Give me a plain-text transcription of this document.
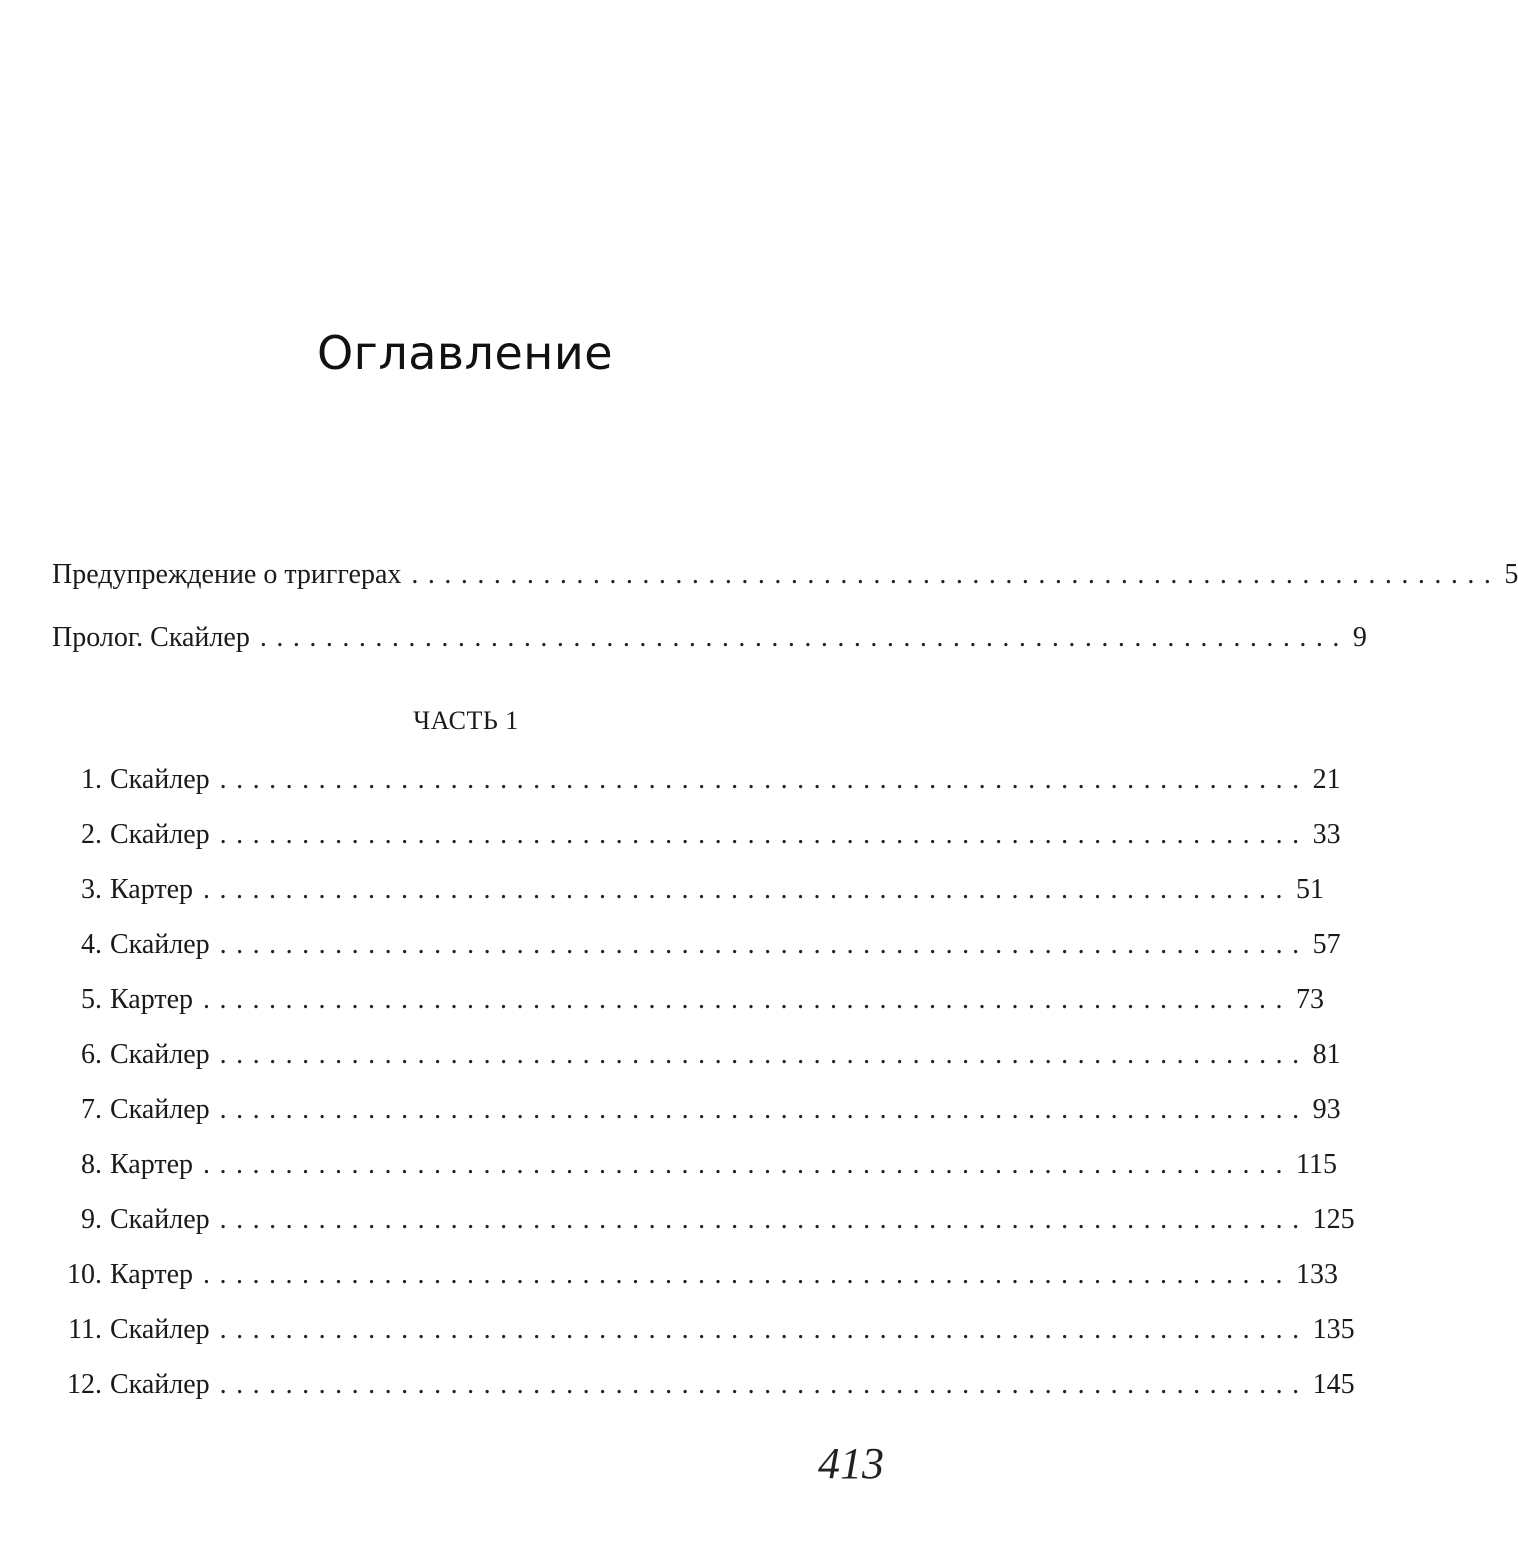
Оглавление
Предупреждение о триггерах .................................................................. 5
Пролог. Скайлер .................................................................. 9
ЧАСТЬ 1
1. Скайлер .................................................................. 21
2. Скайлер .................................................................. 33
3. Картер .................................................................. 51
4. Скайлер .................................................................. 57
5. Картер .................................................................. 73
6. Скайлер .................................................................. 81
7. Скайлер .................................................................. 93
8. Картер .................................................................. 115
9. Скайлер .................................................................. 125
10. Картер .................................................................. 133
11. Скайлер .................................................................. 135
12. Скайлер .................................................................. 145
413
